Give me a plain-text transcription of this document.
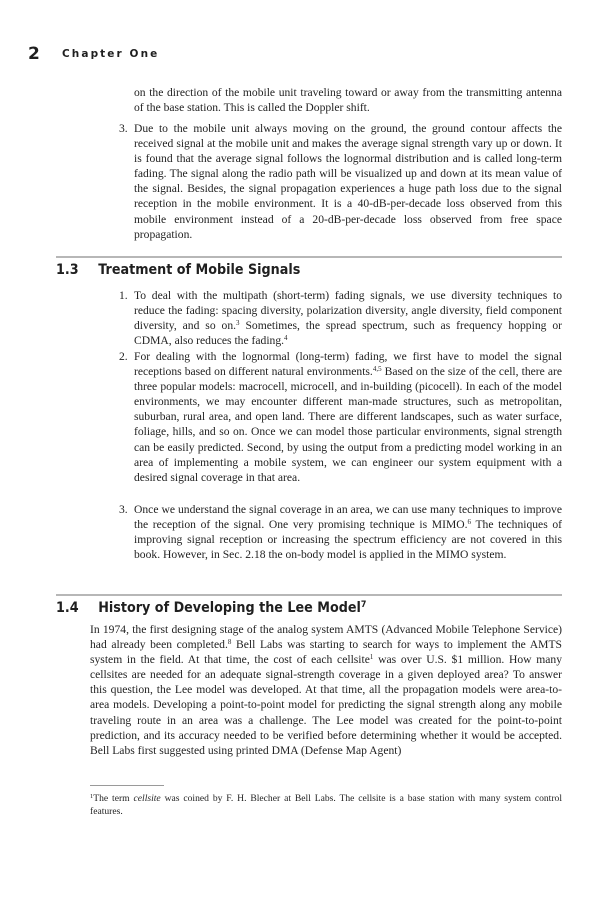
2 Chapter One
on the direction of the mobile unit traveling toward or away from the transmitting antenna of the base station. This is called the Doppler shift.
3. Due to the mobile unit always moving on the ground, the ground contour affects the received signal at the mobile unit and makes the average signal strength vary up or down. It is found that the average signal follows the lognormal distribution and is called long-term fading. The signal along the radio path will be visualized up and down at its mean value of the signal. Besides, the signal propagation experiences a huge path loss due to the signal reception in the mobile environment. It is a 40-dB-per-decade loss observed from this mobile environment instead of a 20-dB-per-decade loss observed from free space propagation.
1.3 Treatment of Mobile Signals
1. To deal with the multipath (short-term) fading signals, we use diversity techniques to reduce the fading: spacing diversity, polarization diversity, angle diversity, field component diversity, and so on.$^3$ Sometimes, the spread spectrum, such as frequency hopping or CDMA, also reduces the fading.$^4$
2. For dealing with the lognormal (long-term) fading, we first have to model the signal receptions based on different natural environments.$^{4,5}$ Based on the size of the cell, there are three popular models: macrocell, microcell, and in-building (picocell). In each of the model environments, we may encounter different man-made structures, such as metropolitan, suburban, rural area, and open land. There are different landscapes, such as water surface, foliage, hills, and so on. Once we can model those particular environments, signal strength can be easily predicted. Second, by using the output from a predicting model working in an area of implementing a mobile system, we can engineer our system equipment with a desired signal coverage in that area.
3. Once we understand the signal coverage in an area, we can use many techniques to improve the reception of the signal. One very promising technique is MIMO.$^6$ The techniques of improving signal reception or increasing the spectrum efficiency are not covered in this book. However, in Sec. 2.18 the on-body model is applied in the MIMO system.
1.4 History of Developing the Lee Model$^7$
In 1974, the first designing stage of the analog system AMTS (Advanced Mobile Telephone Service) had already been completed.$^8$ Bell Labs was starting to search for ways to implement the AMTS system in the field. At that time, the cost of each cellsite$^1$ was over U.S. $1 million. How many cellsites are needed for an adequate signal-strength coverage in a given deployed area? To answer this question, the Lee model was developed. At that time, all the propagation models were area-to-area models. Developing a point-to-point model for predicting the signal strength along any mobile traveling route in an area was a challenge. The Lee model was created for the point-to-point prediction, and its accuracy needed to be verified before determining whether it would be accepted. Bell Labs first suggested using printed DMA (Defense Map Agent)
$^1$The term cellsite was coined by F. H. Blecher at Bell Labs. The cellsite is a base station with many system control features.
